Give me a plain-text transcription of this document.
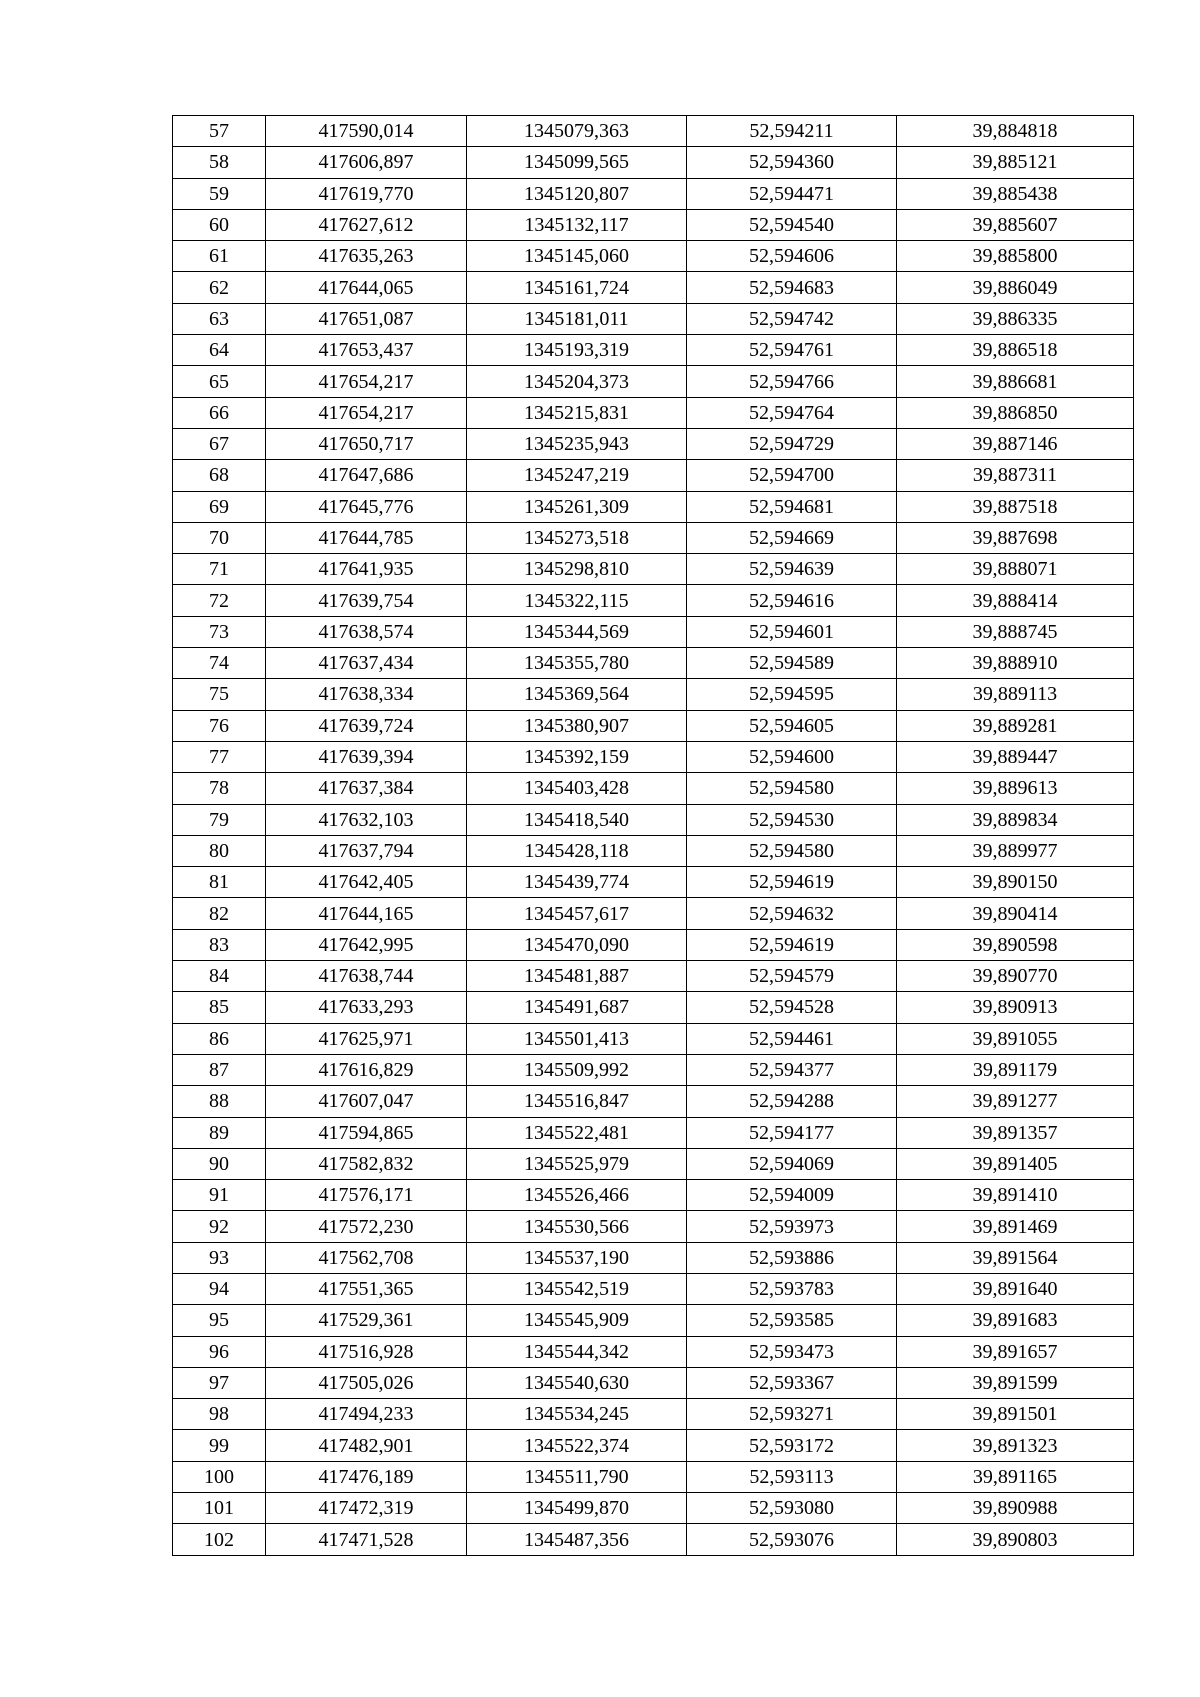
57	417590,014	1345079,363	52,594211	39,884818
58	417606,897	1345099,565	52,594360	39,885121
59	417619,770	1345120,807	52,594471	39,885438
60	417627,612	1345132,117	52,594540	39,885607
61	417635,263	1345145,060	52,594606	39,885800
62	417644,065	1345161,724	52,594683	39,886049
63	417651,087	1345181,011	52,594742	39,886335
64	417653,437	1345193,319	52,594761	39,886518
65	417654,217	1345204,373	52,594766	39,886681
66	417654,217	1345215,831	52,594764	39,886850
67	417650,717	1345235,943	52,594729	39,887146
68	417647,686	1345247,219	52,594700	39,887311
69	417645,776	1345261,309	52,594681	39,887518
70	417644,785	1345273,518	52,594669	39,887698
71	417641,935	1345298,810	52,594639	39,888071
72	417639,754	1345322,115	52,594616	39,888414
73	417638,574	1345344,569	52,594601	39,888745
74	417637,434	1345355,780	52,594589	39,888910
75	417638,334	1345369,564	52,594595	39,889113
76	417639,724	1345380,907	52,594605	39,889281
77	417639,394	1345392,159	52,594600	39,889447
78	417637,384	1345403,428	52,594580	39,889613
79	417632,103	1345418,540	52,594530	39,889834
80	417637,794	1345428,118	52,594580	39,889977
81	417642,405	1345439,774	52,594619	39,890150
82	417644,165	1345457,617	52,594632	39,890414
83	417642,995	1345470,090	52,594619	39,890598
84	417638,744	1345481,887	52,594579	39,890770
85	417633,293	1345491,687	52,594528	39,890913
86	417625,971	1345501,413	52,594461	39,891055
87	417616,829	1345509,992	52,594377	39,891179
88	417607,047	1345516,847	52,594288	39,891277
89	417594,865	1345522,481	52,594177	39,891357
90	417582,832	1345525,979	52,594069	39,891405
91	417576,171	1345526,466	52,594009	39,891410
92	417572,230	1345530,566	52,593973	39,891469
93	417562,708	1345537,190	52,593886	39,891564
94	417551,365	1345542,519	52,593783	39,891640
95	417529,361	1345545,909	52,593585	39,891683
96	417516,928	1345544,342	52,593473	39,891657
97	417505,026	1345540,630	52,593367	39,891599
98	417494,233	1345534,245	52,593271	39,891501
99	417482,901	1345522,374	52,593172	39,891323
100	417476,189	1345511,790	52,593113	39,891165
101	417472,319	1345499,870	52,593080	39,890988
102	417471,528	1345487,356	52,593076	39,890803
